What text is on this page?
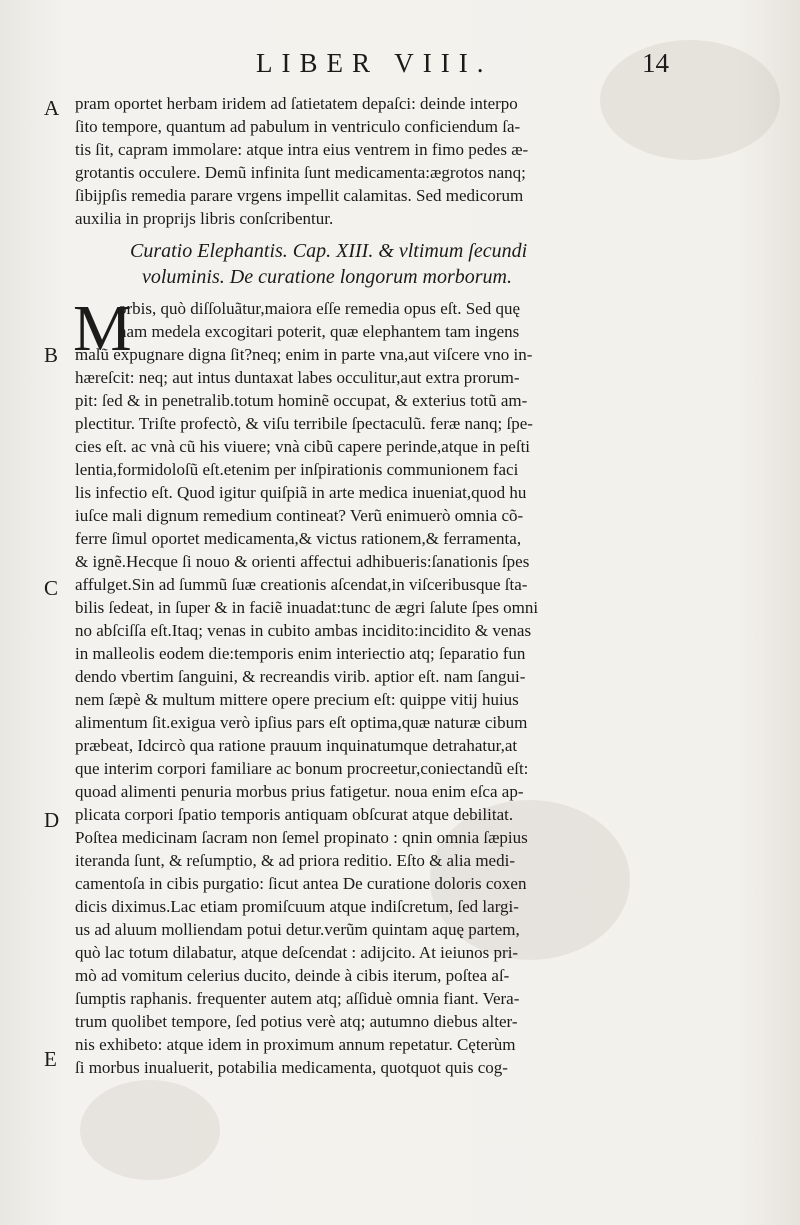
LIBER VIII.	14
A
B
C
D
E
pram oportet herbam iridem ad ſatietatem depaſci: deinde interpo
ſito tempore, quantum ad pabulum in ventriculo conficiendum ſa-
tis ſit, capram immolare: atque intra eius ventrem in fimo pedes æ-
grotantis occulere. Demũ infinita ſunt medicamenta:ægrotos nanq;
ſibijpſis remedia parare vrgens impellit calamitas. Sed medicorum
auxilia in proprijs libris conſcribentur.
Curatio Elephantis. Cap. XIII. & vltimum ſecundi
voluminis. De curatione longorum morborum.
M
orbis, quò diſſoluãtur,maiora eſſe remedia opus eſt. Sed quę
nam medela excogitari poterit, quæ elephantem tam ingens
malũ expugnare digna ſit?neq; enim in parte vna,aut viſcere vno in-
hæreſcit: neq; aut intus duntaxat labes occulitur,aut extra prorum-
pit: ſed & in penetralib.totum hominẽ occupat, & exterius totũ am-
plectitur. Triſte profectò, & viſu terribile ſpectaculũ. feræ nanq; ſpe-
cies eſt. ac vnà cũ his viuere; vnà cibũ capere perinde,atque in peſti
lentia,formidoloſũ eſt.etenim per inſpirationis communionem faci
lis infectio eſt. Quod igitur quiſpiã in arte medica inueniat,quod hu
iuſce mali dignum remedium contineat? Verũ enimuerò omnia cõ-
ferre ſimul oportet medicamenta,& victus rationem,& ferramenta,
& ignẽ.Hecque ſi nouo & orienti affectui adhibueris:ſanationis ſpes
affulget.Sin ad ſummũ ſuæ creationis aſcendat,in viſceribusque ſta-
bilis ſedeat, in ſuper & in faciẽ inuadat:tunc de ægri ſalute ſpes omni
no abſciſſa eſt.Itaq; venas in cubito ambas incidito:incidito & venas
in malleolis eodem die:temporis enim interiectio atq; ſeparatio fun
dendo vbertim ſanguini, & recreandis virib. aptior eſt. nam ſangui-
nem ſæpè & multum mittere opere precium eſt: quippe vitij huius
alimentum ſit.exigua verò ipſius pars eſt optima,quæ naturæ cibum
præbeat, Idcircò qua ratione prauum inquinatumque detrahatur,at
que interim corpori familiare ac bonum procreetur,coniectandũ eſt:
quoad alimenti penuria morbus prius fatigetur. noua enim eſca ap-
plicata corpori ſpatio temporis antiquam obſcurat atque debilitat.
Poſtea medicinam ſacram non ſemel propinato : qnin omnia ſæpius
iteranda ſunt, & reſumptio, & ad priora reditio. Eſto & alia medi-
camentoſa in cibis purgatio: ſicut antea De curatione doloris coxen
dicis diximus.Lac etiam promiſcuum atque indiſcretum, ſed largi-
us ad aluum molliendam potui detur.verũm quintam aquę partem,
quò lac totum dilabatur, atque deſcendat : adijcito. At ieiunos pri-
mò ad vomitum celerius ducito, deinde à cibis iterum, poſtea aſ-
ſumptis raphanis. frequenter autem atq; aſſiduè omnia fiant. Vera-
trum quolibet tempore, ſed potius verè atq; autumno diebus alter-
nis exhibeto: atque idem in proximum annum repetatur. Cęterùm
ſi morbus inualuerit, potabilia medicamenta, quotquot quis cog-
